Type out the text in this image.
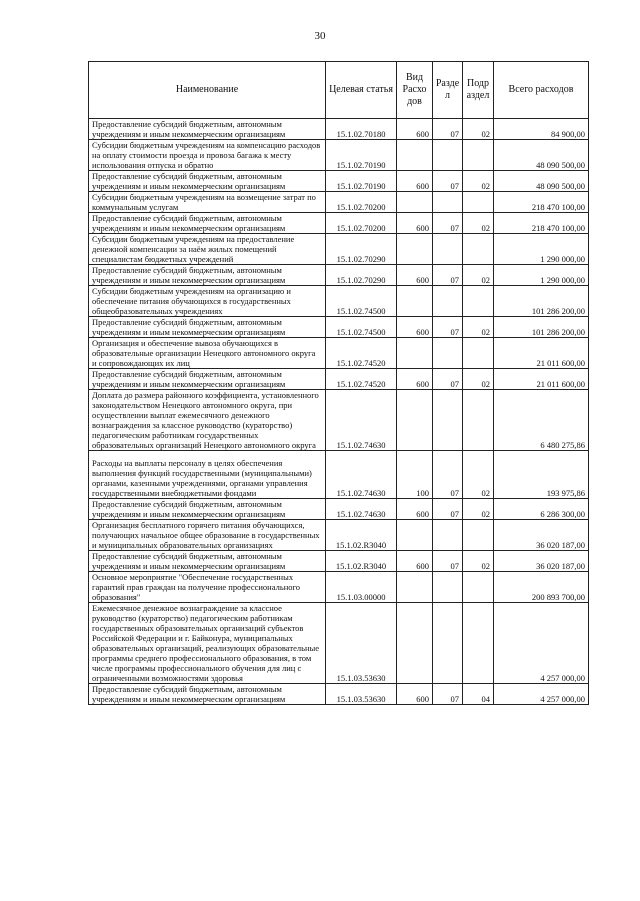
30
Наименование	Целевая статья	Вид Расхо дов	Разде л	Подр аздел	Всего расходов
Предоставление субсидий бюджетным, автономным учреждениям и иным некоммерческим организациям	15.1.02.70180	600	07	02	84 900,00
Субсидии бюджетным учреждениям на компенсацию расходов на оплату стоимости проезда и провоза багажа к месту использования отпуска и обратно	15.1.02.70190				48 090 500,00
Предоставление субсидий бюджетным, автономным учреждениям и иным некоммерческим организациям	15.1.02.70190	600	07	02	48 090 500,00
Субсидии бюджетным учреждениям на возмещение затрат по коммунальным услугам	15.1.02.70200				218 470 100,00
Предоставление субсидий бюджетным, автономным учреждениям и иным некоммерческим организациям	15.1.02.70200	600	07	02	218 470 100,00
Субсидии бюджетным учреждениям на предоставление денежной компенсации за наём жилых помещений специалистам бюджетных учреждений	15.1.02.70290				1 290 000,00
Предоставление субсидий бюджетным, автономным учреждениям и иным некоммерческим организациям	15.1.02.70290	600	07	02	1 290 000,00
Субсидии бюджетным учреждениям на организацию и обеспечение питания обучающихся в государственных общеобразовательных учреждениях	15.1.02.74500				101 286 200,00
Предоставление субсидий бюджетным, автономным учреждениям и иным некоммерческим организациям	15.1.02.74500	600	07	02	101 286 200,00
Организация и обеспечение вывоза обучающихся в образовательные организации Ненецкого автономного округа и сопровождающих их лиц	15.1.02.74520				21 011 600,00
Предоставление субсидий бюджетным, автономным учреждениям и иным некоммерческим организациям	15.1.02.74520	600	07	02	21 011 600,00
Доплата до размера районного коэффициента, установленного законодательством Ненецкого автономного округа, при осуществлении выплат ежемесячного денежного вознаграждения за классное руководство (кураторство) педагогическим работникам государственных образовательных организаций Ненецкого автономного округа	15.1.02.74630				6 480 275,86
Расходы на выплаты персоналу в целях обеспечения выполнения функций государственными (муниципальными) органами, казенными учреждениями, органами управления государственными внебюджетными фондами	15.1.02.74630	100	07	02	193 975,86
Предоставление субсидий бюджетным, автономным учреждениям и иным некоммерческим организациям	15.1.02.74630	600	07	02	6 286 300,00
Организация бесплатного горячего питания обучающихся, получающих начальное общее образование в государственных и муниципальных образовательных организациях	15.1.02.R3040				36 020 187,00
Предоставление субсидий бюджетным, автономным учреждениям и иным некоммерческим организациям	15.1.02.R3040	600	07	02	36 020 187,00
Основное мероприятие "Обеспечение государственных гарантий прав граждан на получение профессионального образования"	15.1.03.00000				200 893 700,00
Ежемесячное денежное вознаграждение за классное руководство (кураторство) педагогическим работникам государственных образовательных организаций субъектов Российской Федерации и г. Байконура, муниципальных образовательных организаций, реализующих образовательные программы среднего профессионального образования, в том числе программы профессионального обучения для лиц с ограниченными возможностями здоровья	15.1.03.53630				4 257 000,00
Предоставление субсидий бюджетным, автономным учреждениям и иным некоммерческим организациям	15.1.03.53630	600	07	04	4 257 000,00
